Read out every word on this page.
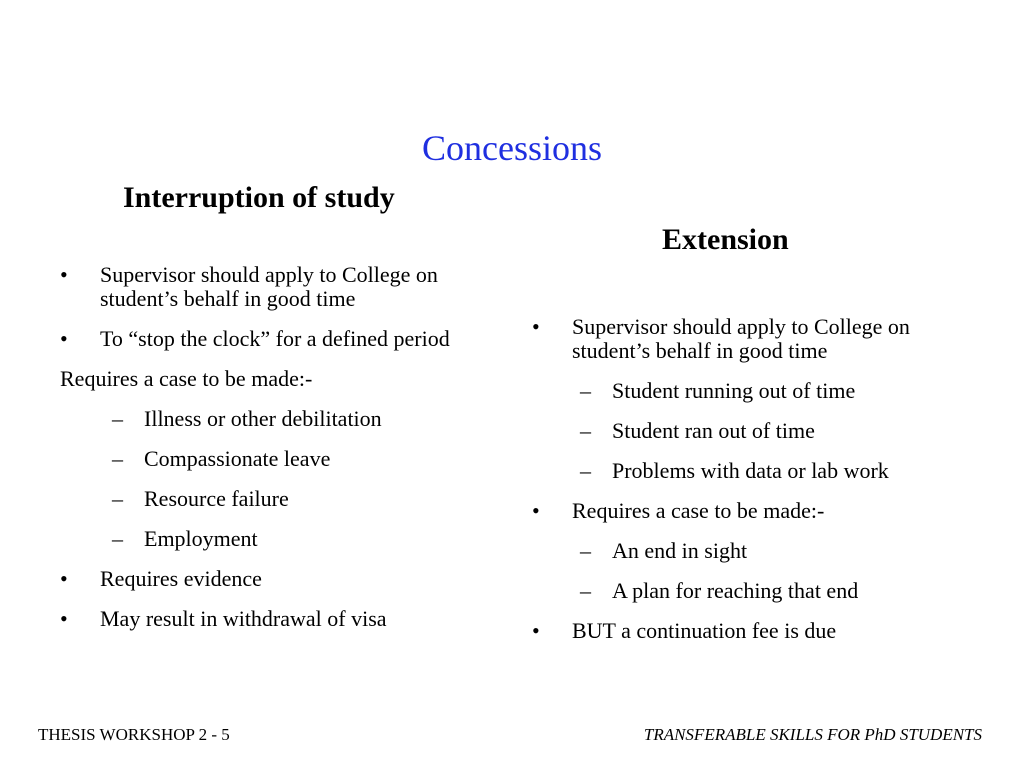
Concessions
Interruption of study
Extension
•	Supervisor should apply to College on student’s behalf in good time
•	To “stop the clock” for a defined period
Requires a case to be made:-
– Illness or other debilitation
– Compassionate leave
– Resource failure
– Employment
•	Requires evidence
•	May result in withdrawal of visa
•	Supervisor should apply to College on student’s behalf in good time
– Student running out of time
– Student ran out of time
– Problems with data or lab work
•	Requires a case to be made:-
– An end in sight
– A plan for reaching that end
•	BUT a continuation fee is due
THESIS WORKSHOP 2 - 5	TRANSFERABLE SKILLS FOR PhD STUDENTS
